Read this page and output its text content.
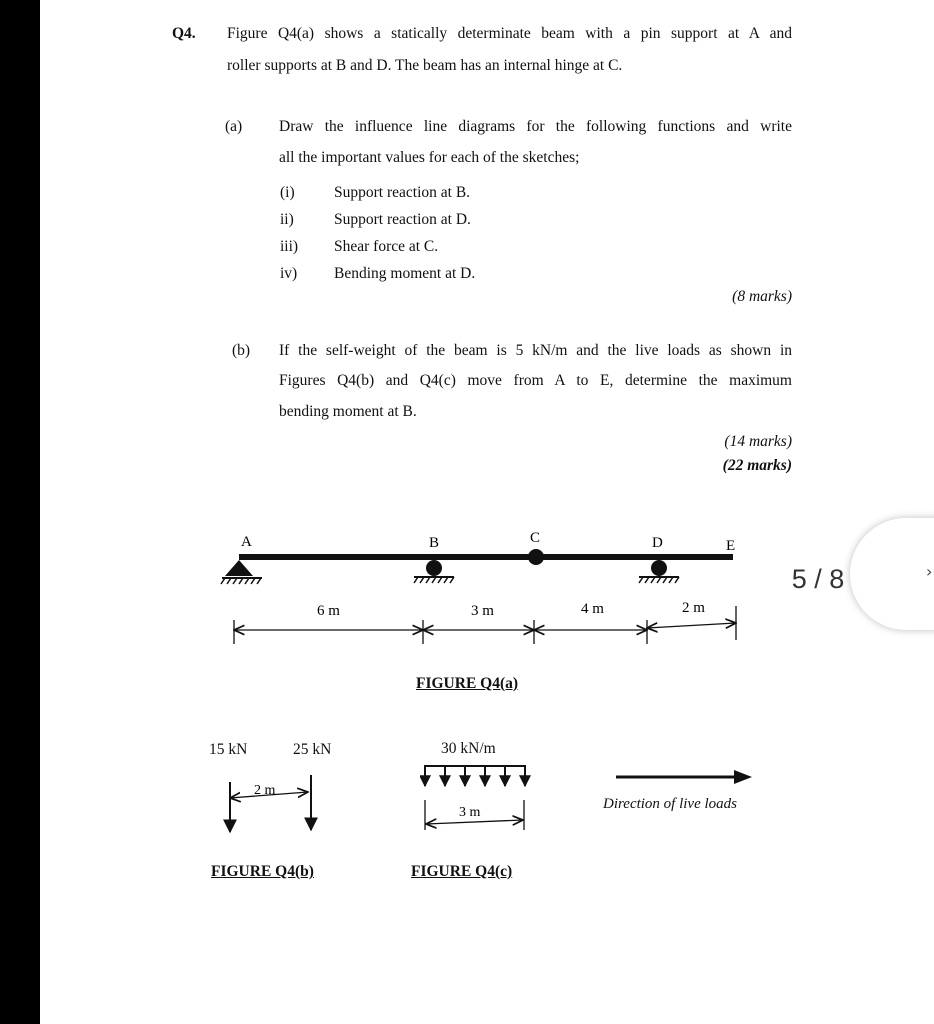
Q4. Figure Q4(a) shows a statically determinate beam with a pin support at A and
roller supports at B and D. The beam has an internal hinge at C.
(a) Draw the influence line diagrams for the following functions and write
all the important values for each of the sketches;
(i)	Support reaction at B.
ii)	Support reaction at D.
iii) Shear force at C.
iv) Bending moment at D.
(8 marks)
(b) If the self-weight of the beam is 5 kN/m and the live loads as shown in
Figures Q4(b) and Q4(c) move from A to E, determine the maximum
bending moment at B.
(14 marks)
(22 marks)
A	B	C	D	E
6 m	3 m	4 m	2 m
FIGURE Q4(a)
15 kN	25 kN
2 m
FIGURE Q4(b)
30 kN/m
3 m
FIGURE Q4(c)
Direction of live loads
5 / 8	›
